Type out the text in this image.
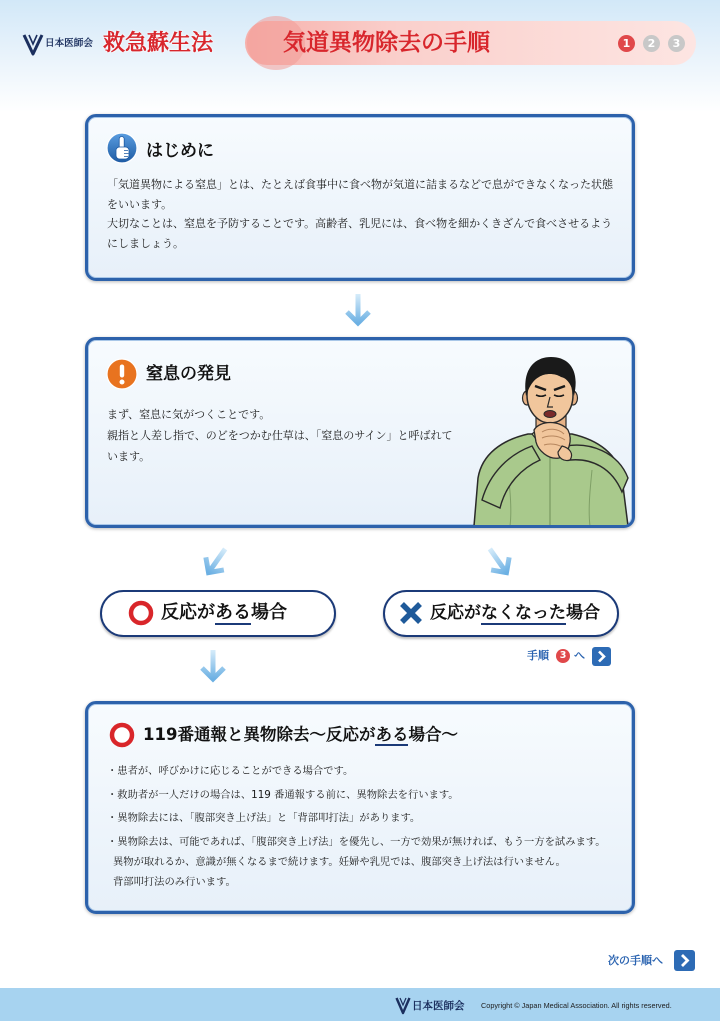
日本医師会 救急蘇生法	気道異物除去の手順	1	2	3
はじめに
「気道異物による窒息」とは、たとえば食事中に食べ物が気道に詰まるなどで息ができなくなった状態
をいいます。
大切なことは、窒息を予防することです。高齢者、乳児には、食べ物を細かくきざんで食べさせるよう
にしましょう。
窒息の発見
まず、窒息に気がつくことです。
親指と人差し指で、のどをつかむ仕草は、「窒息のサイン」と呼ばれて
います。
反応がある場合	反応がなくなった場合
手順	3 へ
119番通報と異物除去〜反応がある場合〜
・患者が、呼びかけに応じることができる場合です。
・救助者が一人だけの場合は、119 番通報する前に、異物除去を行います。
・異物除去には、「腹部突き上げ法」と「背部叩打法」があります。
・異物除去は、可能であれば、「腹部突き上げ法」を優先し、一方で効果が無ければ、もう一方を試みます。
異物が取れるか、意識が無くなるまで続けます。妊婦や乳児では、腹部突き上げ法は行いません。
背部叩打法のみ行います。
次の手順へ
日本医師会 Copyright © Japan Medical Association. All rights reserved.
